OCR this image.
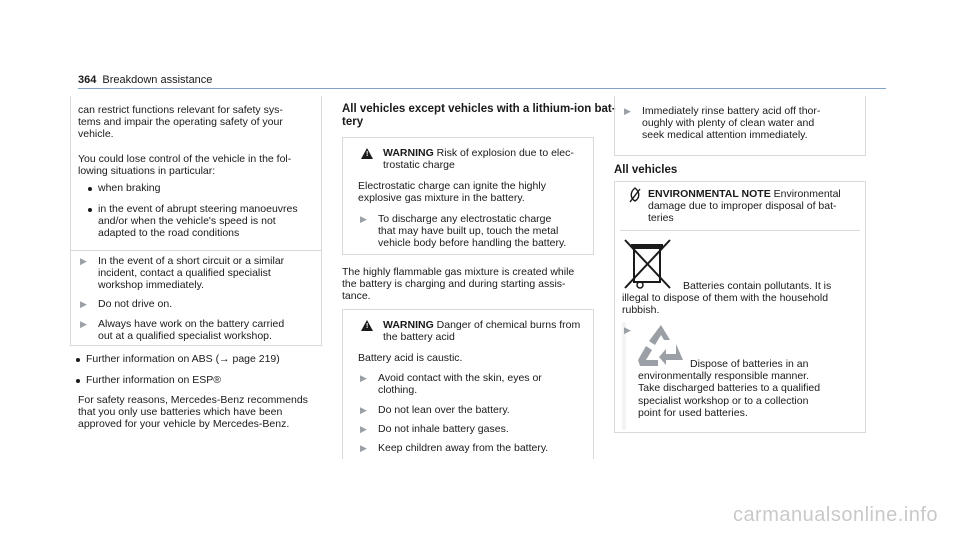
364 Breakdown assistance
can restrict functions relevant for safety sys-
tems and impair the operating safety of your
vehicle.
You could lose control of the vehicle in the fol-
lowing situations in particular:
when braking
in the event of abrupt steering manoeuvres
and/or when the vehicle's speed is not
adapted to the road conditions
▶ In the event of a short circuit or a similar
incident, contact a qualified specialist
workshop immediately.
▶ Do not drive on.
▶ Always have work on the battery carried
out at a qualified specialist workshop.
Further information on ABS (→ page 219)
Further information on ESP®
For safety reasons, Mercedes-Benz recommends
that you only use batteries which have been
approved for your vehicle by Mercedes-Benz.
All vehicles except vehicles with a lithium-ion bat-
tery
! WARNING Risk of explosion due to elec-
trostatic charge
Electrostatic charge can ignite the highly
explosive gas mixture in the battery.
▶ To discharge any electrostatic charge
that may have built up, touch the metal
vehicle body before handling the battery.
The highly flammable gas mixture is created while
the battery is charging and during starting assis-
tance.
! WARNING Danger of chemical burns from
the battery acid
Battery acid is caustic.
▶ Avoid contact with the skin, eyes or
clothing.
▶ Do not lean over the battery.
▶ Do not inhale battery gases.
▶ Keep children away from the battery.
▶ Immediately rinse battery acid off thor-
oughly with plenty of clean water and
seek medical attention immediately.
All vehicles
ENVIRONMENTAL NOTE Environmental
damage due to improper disposal of bat-
teries
Batteries contain pollutants. It is
illegal to dispose of them with the household
rubbish.
▶
Dispose of batteries in an
environmentally responsible manner.
Take discharged batteries to a qualified
specialist workshop or to a collection
point for used batteries.
carmanualsonline.info
